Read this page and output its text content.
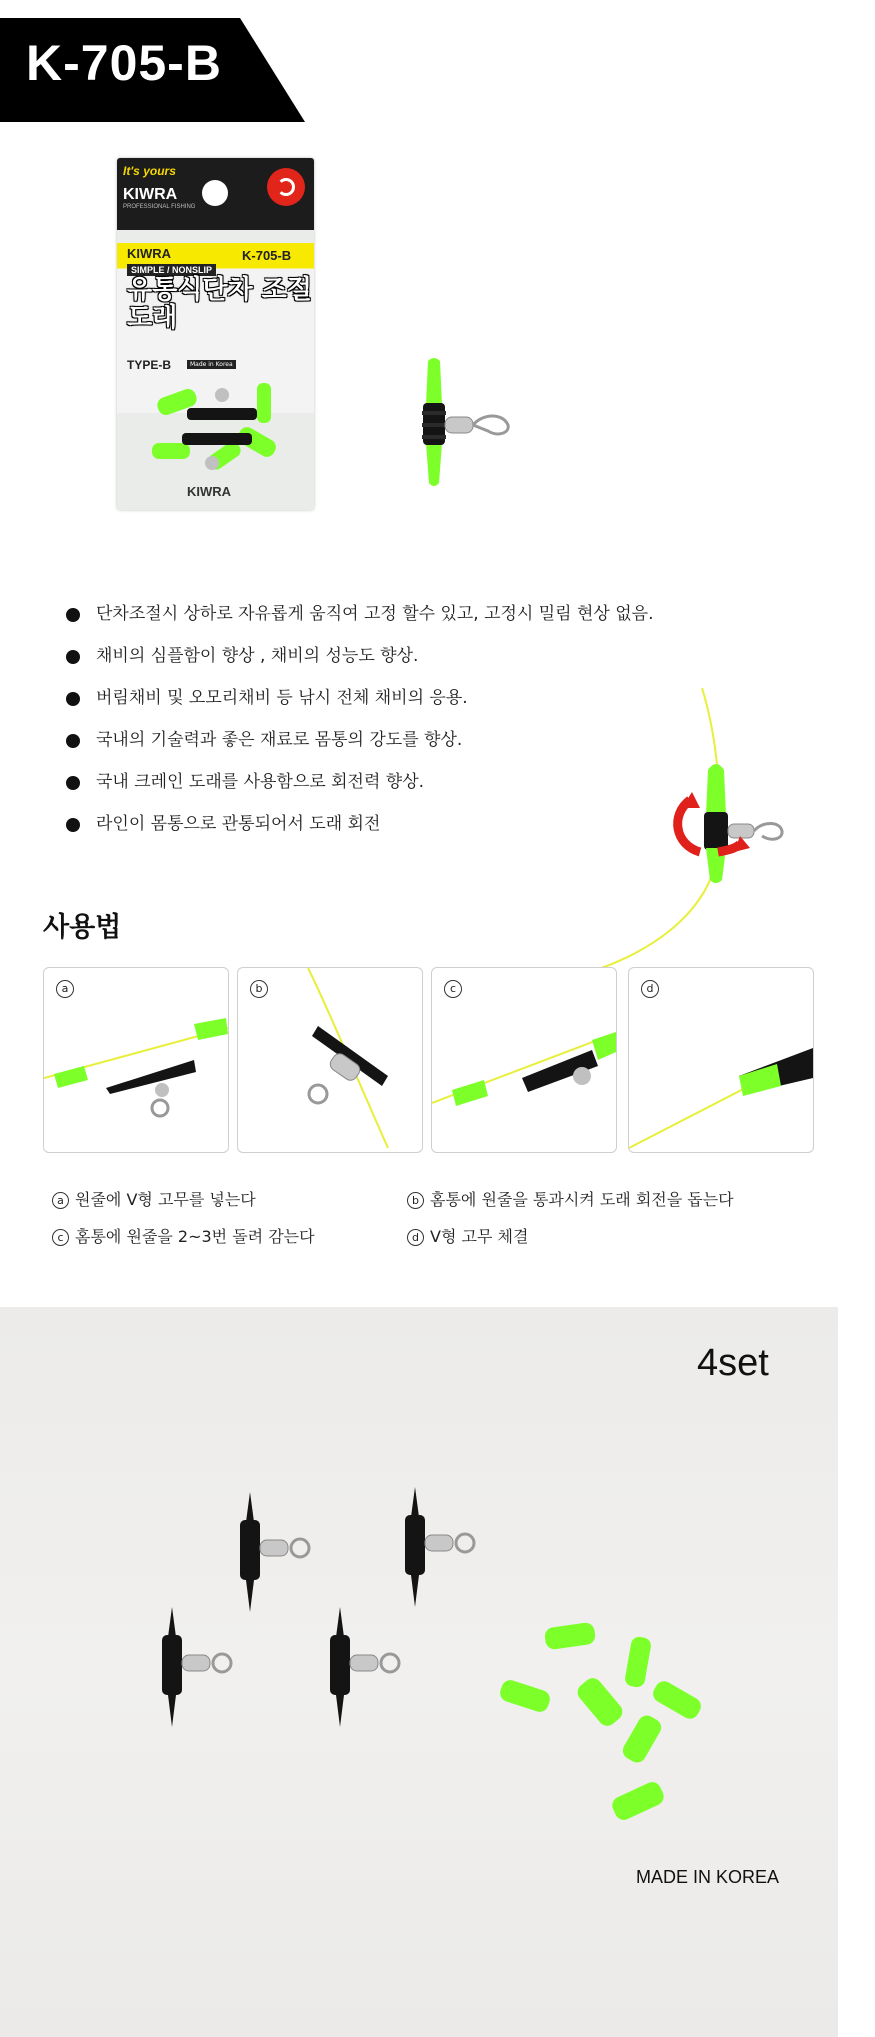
K-705-B
It's yours
KIWRA
PROFESSIONAL FISHING
KIWRA	K-705-B
SIMPLE / NONSLIP
유통식단차 조절도래
TYPE-B	Made in Korea
KIWRA
단차조절시 상하로 자유롭게 움직여 고정 할수 있고, 고정시 밀림 현상 없음.
채비의 심플함이 향상 , 채비의 성능도 향상.
버림채비 및 오모리채비 등 낚시 전체 채비의 응용.
국내의 기술력과 좋은 재료로 몸통의 강도를 향상.
국내 크레인 도래를 사용함으로 회전력 향상.
라인이 몸통으로 관통되어서 도래 회전
사용법
a	b	c	d
a 원줄에 V형 고무를 넣는다	b 홈통에 원줄을 통과시켜 도래 회전을 돕는다
c 홈통에 원줄을 2~3번 돌려 감는다	d V형 고무 체결
4set
MADE IN KOREA
